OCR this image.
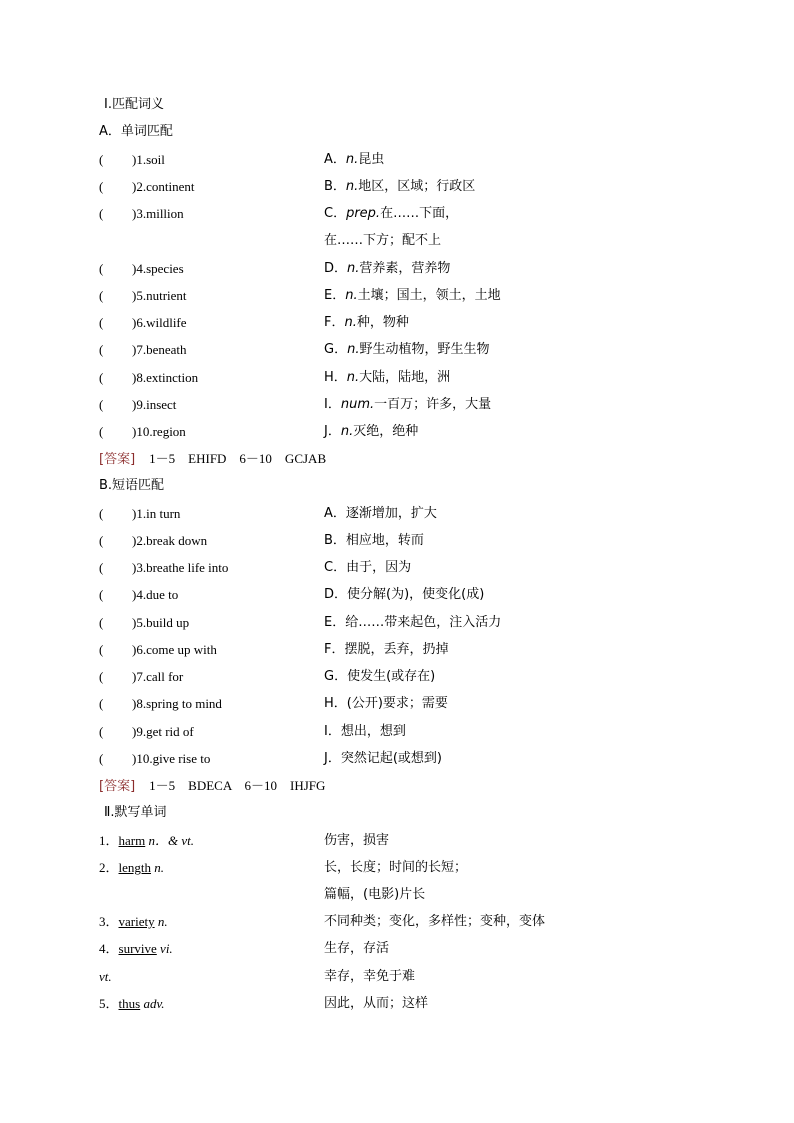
Ⅰ.匹配词义
A．单词匹配
( )1.soil	A．n.昆虫
( )2.continent	B．n.地区，区域；行政区
( )3.million	C．prep.在……下面，
在……下方；配不上
( )4.species	D．n.营养素，营养物
( )5.nutrient	E．n.土壤；国土，领土，土地
( )6.wildlife	F．n.种，物种
( )7.beneath	G．n.野生动植物，野生生物
( )8.extinction	H．n.大陆，陆地，洲
( )9.insect	I．num.一百万；许多，大量
( )10.region	J．n.灭绝，绝种
[答案] 1－5　EHIFD　6－10　GCJAB
B.短语匹配
( )1.in turn	A．逐渐增加，扩大
( )2.break down	B．相应地，转而
( )3.breathe life into	C．由于，因为
( )4.due to	D．使分解(为)，使变化(成)
( )5.build up	E．给……带来起色，注入活力
( )6.come up with	F．摆脱，丢弃，扔掉
( )7.call for	G．使发生(或存在)
( )8.spring to mind	H．(公开)要求；需要
( )9.get rid of	I．想出，想到
( )10.give rise to	J．突然记起(或想到)
[答案] 1－5　BDECA　6－10　IHJFG
Ⅱ.默写单词
1．harm n．& vt.	伤害，损害
2．length n.	长，长度；时间的长短；
篇幅，(电影)片长
3．variety n.	不同种类；变化，多样性；变种，变体
4．survive vi.	生存，存活
vt.	幸存，幸免于难
5．thus adv.	因此，从而；这样
